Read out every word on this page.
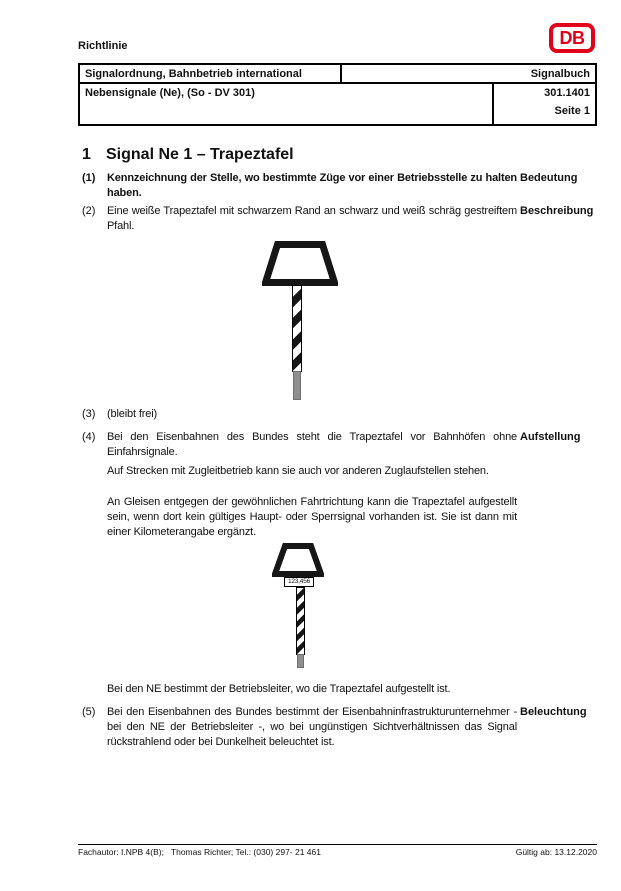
Richtlinie	DB
Signalordnung, Bahnbetrieb international	Signalbuch
Nebensignale (Ne), (So - DV 301)	301.1401
Seite 1
1 Signal Ne 1 – Trapeztafel
(1) Kennzeichnung der Stelle, wo bestimmte Züge vor einer Betriebsstelle zu halten haben.
Bedeutung
(2) Eine weiße Trapeztafel mit schwarzem Rand an schwarz und weiß schräg gestreiftem Pfahl.
Beschreibung
(3) (bleibt frei)
(4) Bei den Eisenbahnen des Bundes steht die Trapeztafel vor Bahnhöfen ohne Einfahrsignale.
Aufstellung
Auf Strecken mit Zugleitbetrieb kann sie auch vor anderen Zuglaufstellen stehen.
An Gleisen entgegen der gewöhnlichen Fahrtrichtung kann die Trapeztafel aufgestellt sein, wenn dort kein gültiges Haupt- oder Sperrsignal vorhanden ist. Sie ist dann mit einer Kilometerangabe ergänzt.
123,456
Bei den NE bestimmt der Betriebsleiter, wo die Trapeztafel aufgestellt ist.
(5) Bei den Eisenbahnen des Bundes bestimmt der Eisenbahninfrastrukturunternehmer - bei den NE der Betriebsleiter -, wo bei ungünstigen Sichtverhältnissen das Signal rückstrahlend oder bei Dunkelheit beleuchtet ist.
Beleuchtung
Fachautor: I.NPB 4(B);   Thomas Richter; Tel.: (030) 297- 21 461	Gültig ab: 13.12.2020
